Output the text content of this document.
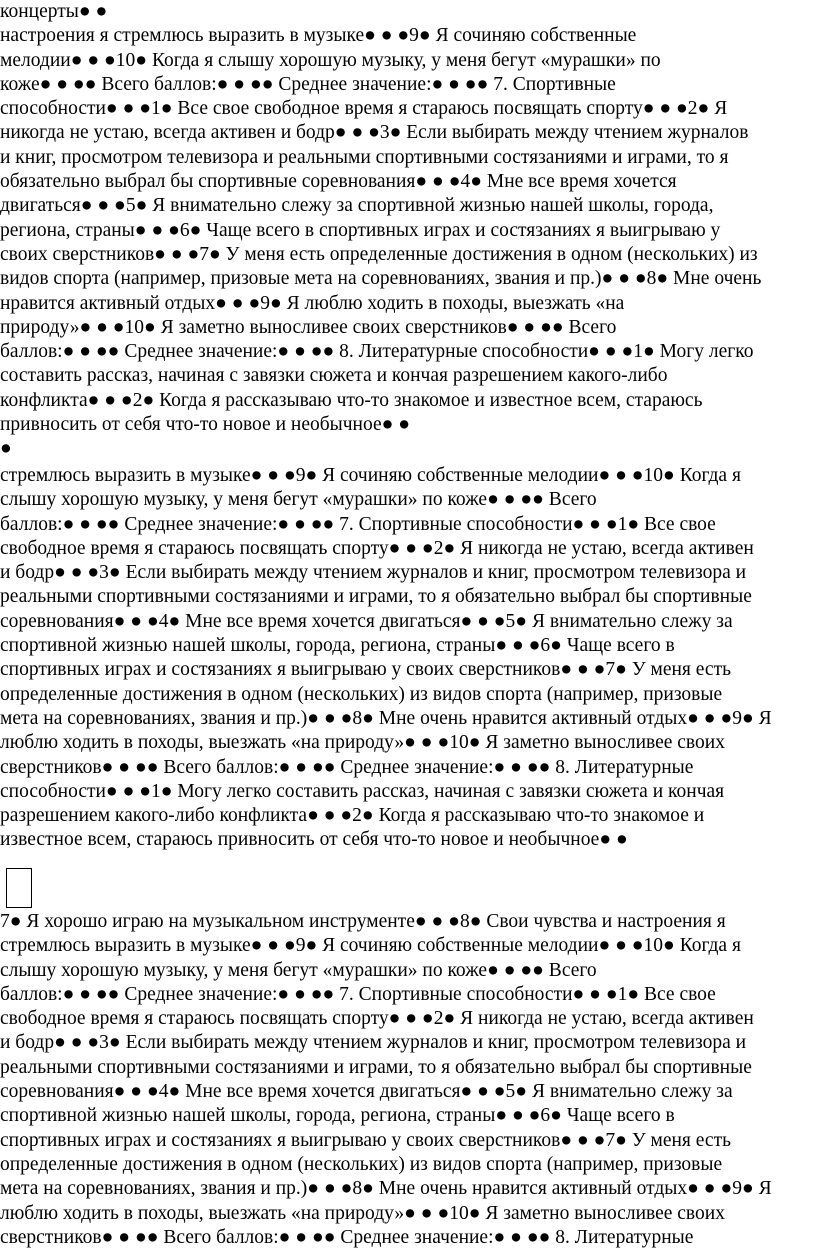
концерты● ●
настроения я стремлюсь выразить в музыке● ● ●9● Я сочиняю собственные
мелодии● ● ●10● Когда я слышу хорошую музыку, у меня бегут «мурашки» по
коже● ● ●● Всего баллов:● ● ●● Среднее значение:● ● ●● 7. Спортивные
способности● ● ●1● Все свое свободное время я стараюсь посвящать спорту● ● ●2● Я
никогда не устаю, всегда активен и бодр● ● ●3● Если выбирать между чтением журналов
и книг, просмотром телевизора и реальными спортивными состязаниями и играми, то я
обязательно выбрал бы спортивные соревнования● ● ●4● Мне все время хочется
двигаться● ● ●5● Я внимательно слежу за спортивной жизнью нашей школы, города,
региона, страны● ● ●6● Чаще всего в спортивных играх и состязаниях я выигрываю у
своих сверстников● ● ●7● У меня есть определенные достижения в одном (нескольких) из
видов спорта (например, призовые мета на соревнованиях, звания и пр.)● ● ●8● Мне очень
нравится активный отдых● ● ●9● Я люблю ходить в походы, выезжать «на
природу»● ● ●10● Я заметно выносливее своих сверстников● ● ●● Всего
баллов:● ● ●● Среднее значение:● ● ●● 8. Литературные способности● ● ●1● Могу легко
составить рассказ, начиная с завязки сюжета и кончая разрешением какого-либо
конфликта● ● ●2● Когда я рассказываю что-то знакомое и известное всем, стараюсь
привносить от себя что-то новое и необычное● ●
●
стремлюсь выразить в музыке● ● ●9● Я сочиняю собственные мелодии● ● ●10● Когда я
слышу хорошую музыку, у меня бегут «мурашки» по коже● ● ●● Всего
баллов:● ● ●● Среднее значение:● ● ●● 7. Спортивные способности● ● ●1● Все свое
свободное время я стараюсь посвящать спорту● ● ●2● Я никогда не устаю, всегда активен
и бодр● ● ●3● Если выбирать между чтением журналов и книг, просмотром телевизора и
реальными спортивными состязаниями и играми, то я обязательно выбрал бы спортивные
соревнования● ● ●4● Мне все время хочется двигаться● ● ●5● Я внимательно слежу за
спортивной жизнью нашей школы, города, региона, страны● ● ●6● Чаще всего в
спортивных играх и состязаниях я выигрываю у своих сверстников● ● ●7● У меня есть
определенные достижения в одном (нескольких) из видов спорта (например, призовые
мета на соревнованиях, звания и пр.)● ● ●8● Мне очень нравится активный отдых● ● ●9● Я
люблю ходить в походы, выезжать «на природу»● ● ●10● Я заметно выносливее своих
сверстников● ● ●● Всего баллов:● ● ●● Среднее значение:● ● ●● 8. Литературные
способности● ● ●1● Могу легко составить рассказ, начиная с завязки сюжета и кончая
разрешением какого-либо конфликта● ● ●2● Когда я рассказываю что-то знакомое и
известное всем, стараюсь привносить от себя что-то новое и необычное● ●
7● Я хорошо играю на музыкальном инструменте● ● ●8● Свои чувства и настроения я
стремлюсь выразить в музыке● ● ●9● Я сочиняю собственные мелодии● ● ●10● Когда я
слышу хорошую музыку, у меня бегут «мурашки» по коже● ● ●● Всего
баллов:● ● ●● Среднее значение:● ● ●● 7. Спортивные способности● ● ●1● Все свое
свободное время я стараюсь посвящать спорту● ● ●2● Я никогда не устаю, всегда активен
и бодр● ● ●3● Если выбирать между чтением журналов и книг, просмотром телевизора и
реальными спортивными состязаниями и играми, то я обязательно выбрал бы спортивные
соревнования● ● ●4● Мне все время хочется двигаться● ● ●5● Я внимательно слежу за
спортивной жизнью нашей школы, города, региона, страны● ● ●6● Чаще всего в
спортивных играх и состязаниях я выигрываю у своих сверстников● ● ●7● У меня есть
определенные достижения в одном (нескольких) из видов спорта (например, призовые
мета на соревнованиях, звания и пр.)● ● ●8● Мне очень нравится активный отдых● ● ●9● Я
люблю ходить в походы, выезжать «на природу»● ● ●10● Я заметно выносливее своих
сверстников● ● ●● Всего баллов:● ● ●● Среднее значение:● ● ●● 8. Литературные
